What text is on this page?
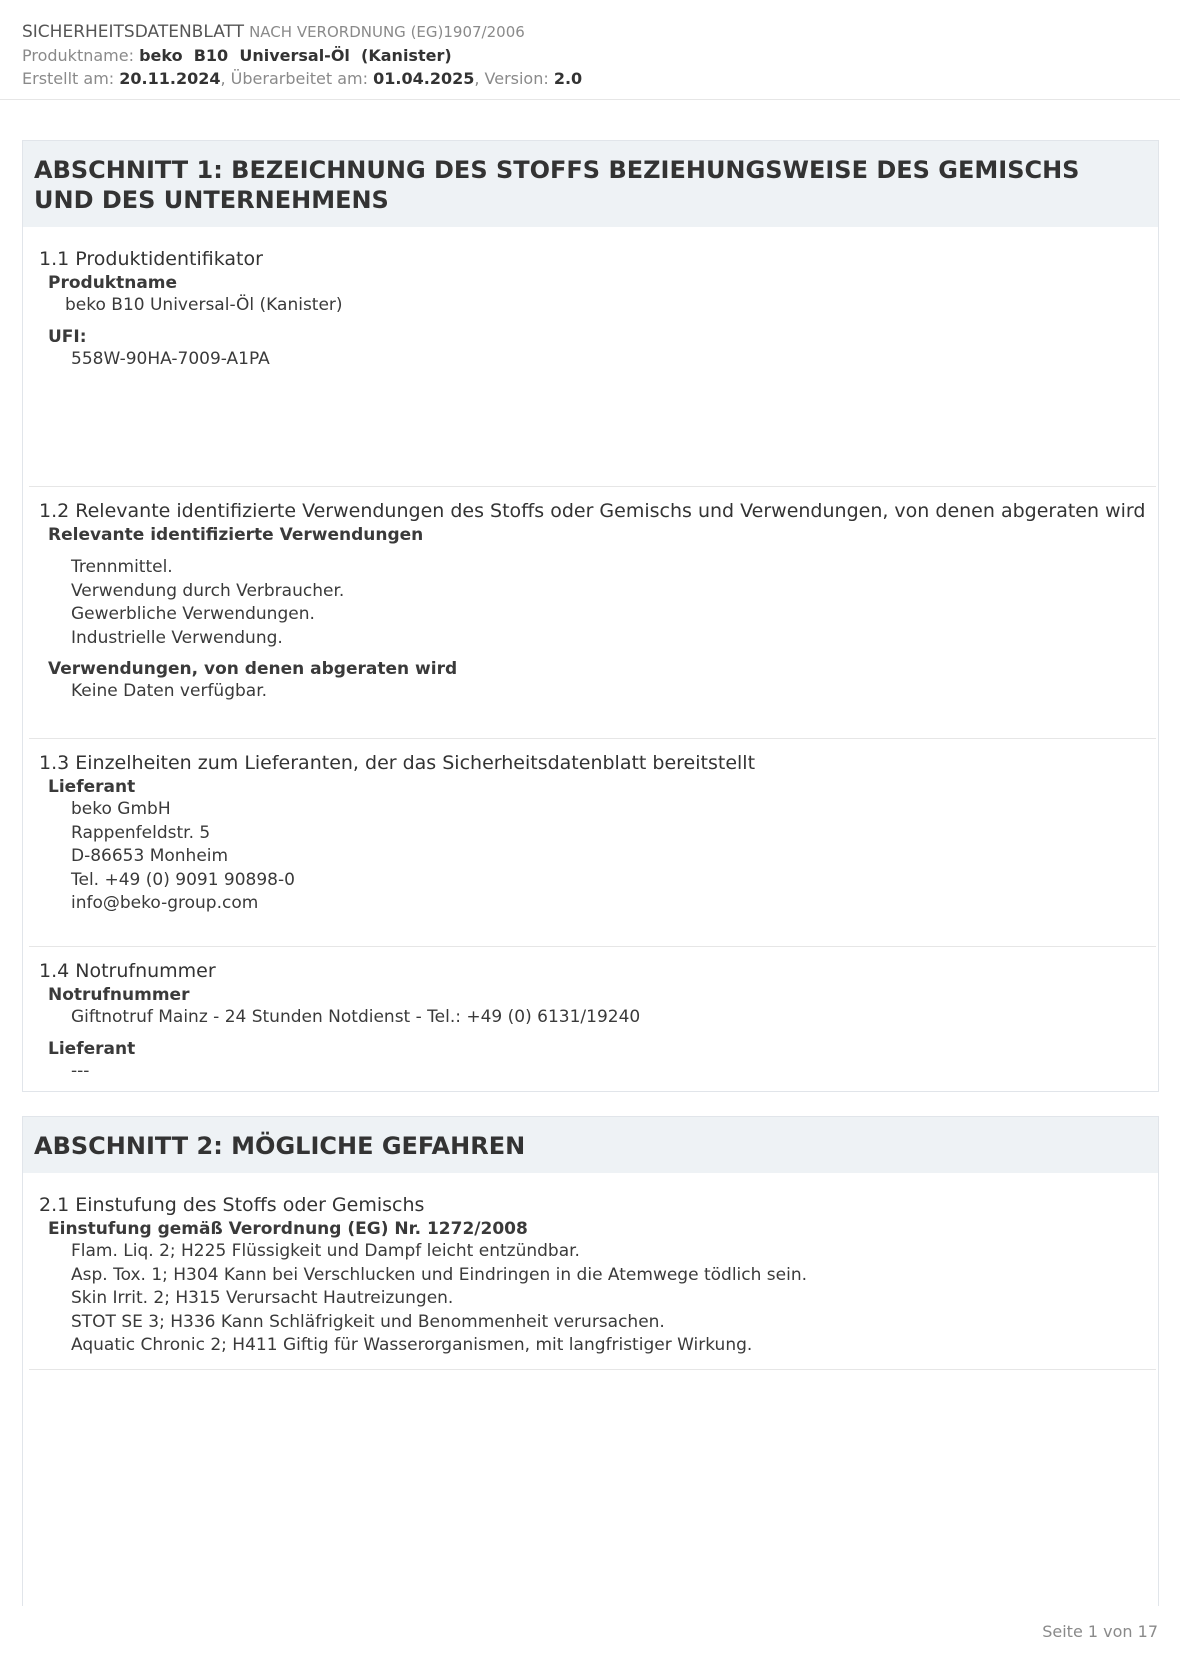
SICHERHEITSDATENBLATT NACH VERORDNUNG (EG)1907/2006
Produktname: beko  B10  Universal-Öl  (Kanister)
Erstellt am: 20.11.2024, Überarbeitet am: 01.04.2025, Version: 2.0
ABSCHNITT 1: BEZEICHNUNG DES STOFFS BEZIEHUNGSWEISE DES GEMISCHS UND DES UNTERNEHMENS
1.1 Produktidentifikator
Produktname
beko B10 Universal-Öl (Kanister)
UFI:
558W-90HA-7009-A1PA
1.2 Relevante identifizierte Verwendungen des Stoffs oder Gemischs und Verwendungen, von denen abgeraten wird
Relevante identifizierte Verwendungen
Trennmittel.
Verwendung durch Verbraucher.
Gewerbliche Verwendungen.
Industrielle Verwendung.
Verwendungen, von denen abgeraten wird
Keine Daten verfügbar.
1.3 Einzelheiten zum Lieferanten, der das Sicherheitsdatenblatt bereitstellt
Lieferant
beko GmbH
Rappenfeldstr. 5
D-86653 Monheim
Tel. +49 (0) 9091 90898-0
info@beko-group.com
1.4 Notrufnummer
Notrufnummer
Giftnotruf Mainz - 24 Stunden Notdienst - Tel.: +49 (0) 6131/19240
Lieferant
---
ABSCHNITT 2: MÖGLICHE GEFAHREN
2.1 Einstufung des Stoffs oder Gemischs
Einstufung gemäß Verordnung (EG) Nr. 1272/2008
Flam. Liq. 2; H225 Flüssigkeit und Dampf leicht entzündbar.
Asp. Tox. 1; H304 Kann bei Verschlucken und Eindringen in die Atemwege tödlich sein.
Skin Irrit. 2; H315 Verursacht Hautreizungen.
STOT SE 3; H336 Kann Schläfrigkeit und Benommenheit verursachen.
Aquatic Chronic 2; H411 Giftig für Wasserorganismen, mit langfristiger Wirkung.
Seite 1 von 17
